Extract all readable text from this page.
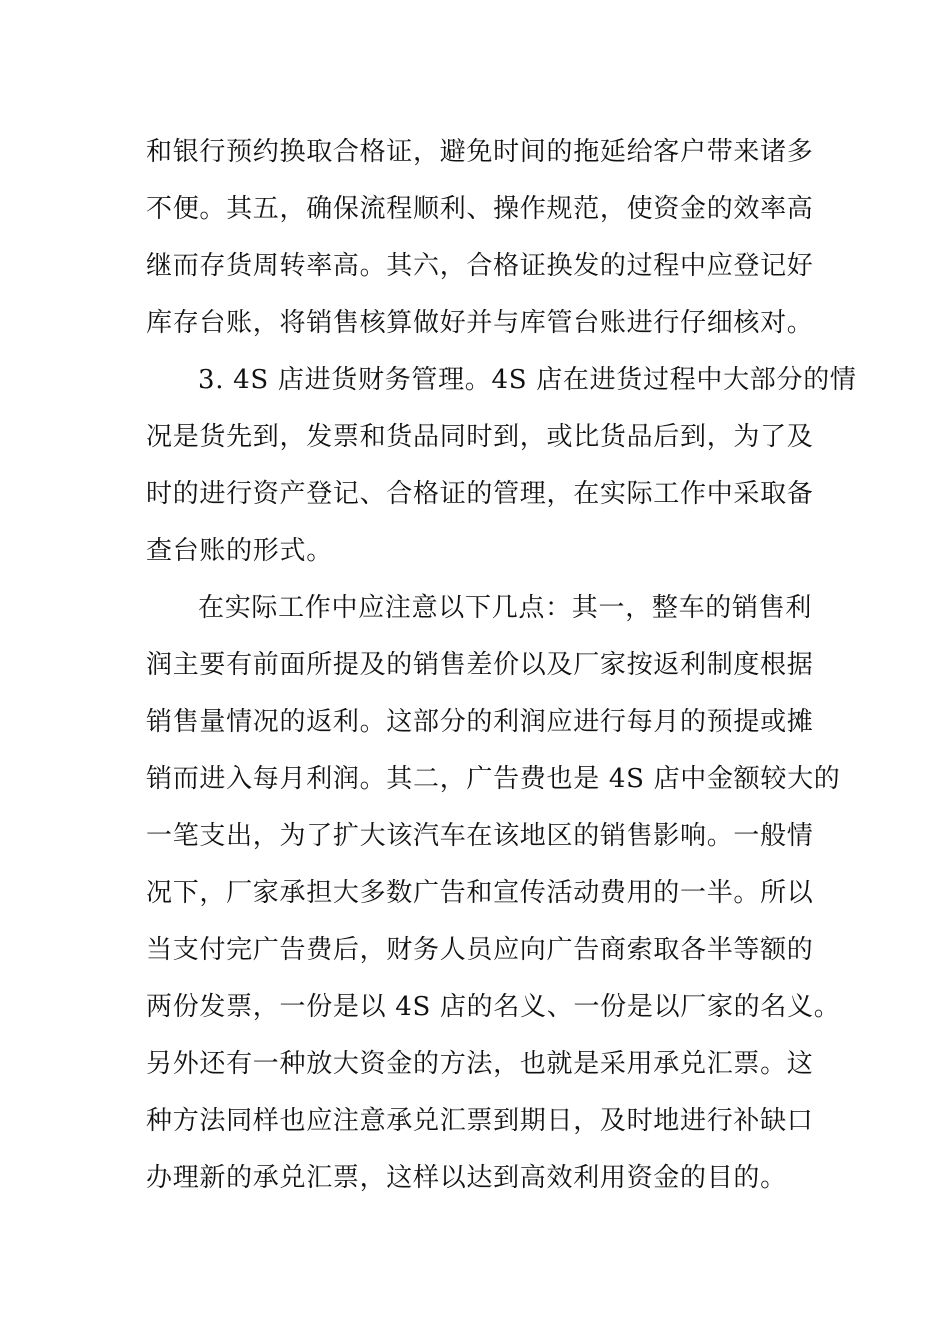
和银行预约换取合格证，避免时间的拖延给客户带来诸多
不便。其五，确保流程顺利、操作规范，使资金的效率高
继而存货周转率高。其六，合格证换发的过程中应登记好
库存台账，将销售核算做好并与库管台账进行仔细核对。
3. 4S 店进货财务管理。4S 店在进货过程中大部分的情
况是货先到，发票和货品同时到，或比货品后到，为了及
时的进行资产登记、合格证的管理，在实际工作中采取备
查台账的形式。
在实际工作中应注意以下几点：其一，整车的销售利
润主要有前面所提及的销售差价以及厂家按返利制度根据
销售量情况的返利。这部分的利润应进行每月的预提或摊
销而进入每月利润。其二，广告费也是 4S 店中金额较大的
一笔支出，为了扩大该汽车在该地区的销售影响。一般情
况下，厂家承担大多数广告和宣传活动费用的一半。所以
当支付完广告费后，财务人员应向广告商索取各半等额的
两份发票，一份是以 4S 店的名义、一份是以厂家的名义。
另外还有一种放大资金的方法，也就是采用承兑汇票。这
种方法同样也应注意承兑汇票到期日，及时地进行补缺口
办理新的承兑汇票，这样以达到高效利用资金的目的。
